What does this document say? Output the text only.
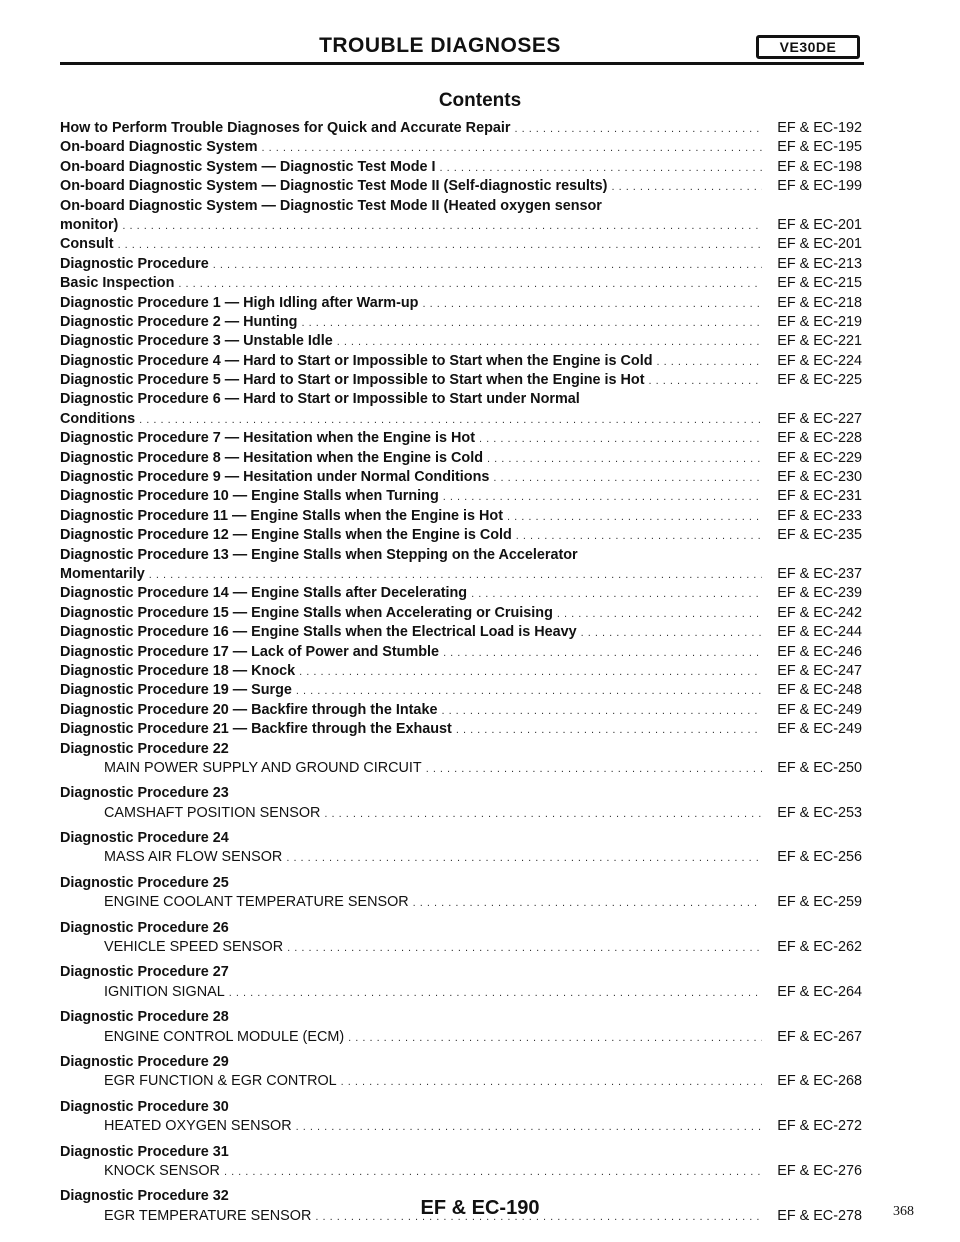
TROUBLE DIAGNOSES	VE30DE
Contents
How to Perform Trouble Diagnoses for Quick and Accurate Repair . . .	EF & EC-192
On-board Diagnostic System . . .	EF & EC-195
On-board Diagnostic System — Diagnostic Test Mode I . . .	EF & EC-198
On-board Diagnostic System — Diagnostic Test Mode II (Self-diagnostic results) . . .	EF & EC-199
On-board Diagnostic System — Diagnostic Test Mode II (Heated oxygen sensor
monitor) . . .	EF & EC-201
Consult . . .	EF & EC-201
Diagnostic Procedure . . .	EF & EC-213
Basic Inspection . . .	EF & EC-215
Diagnostic Procedure 1 — High Idling after Warm-up . . .	EF & EC-218
Diagnostic Procedure 2 — Hunting . . .	EF & EC-219
Diagnostic Procedure 3 — Unstable Idle . . .	EF & EC-221
Diagnostic Procedure 4 — Hard to Start or Impossible to Start when the Engine is Cold . . .	EF & EC-224
Diagnostic Procedure 5 — Hard to Start or Impossible to Start when the Engine is Hot . . .	EF & EC-225
Diagnostic Procedure 6 — Hard to Start or Impossible to Start under Normal
Conditions . . .	EF & EC-227
Diagnostic Procedure 7 — Hesitation when the Engine is Hot . . .	EF & EC-228
Diagnostic Procedure 8 — Hesitation when the Engine is Cold . . .	EF & EC-229
Diagnostic Procedure 9 — Hesitation under Normal Conditions . . .	EF & EC-230
Diagnostic Procedure 10 — Engine Stalls when Turning . . .	EF & EC-231
Diagnostic Procedure 11 — Engine Stalls when the Engine is Hot . . .	EF & EC-233
Diagnostic Procedure 12 — Engine Stalls when the Engine is Cold . . .	EF & EC-235
Diagnostic Procedure 13 — Engine Stalls when Stepping on the Accelerator
Momentarily . . .	EF & EC-237
Diagnostic Procedure 14 — Engine Stalls after Decelerating . . .	EF & EC-239
Diagnostic Procedure 15 — Engine Stalls when Accelerating or Cruising . . .	EF & EC-242
Diagnostic Procedure 16 — Engine Stalls when the Electrical Load is Heavy . . .	EF & EC-244
Diagnostic Procedure 17 — Lack of Power and Stumble . . .	EF & EC-246
Diagnostic Procedure 18 — Knock . . .	EF & EC-247
Diagnostic Procedure 19 — Surge . . .	EF & EC-248
Diagnostic Procedure 20 — Backfire through the Intake . . .	EF & EC-249
Diagnostic Procedure 21 — Backfire through the Exhaust . . .	EF & EC-249
Diagnostic Procedure 22
MAIN POWER SUPPLY AND GROUND CIRCUIT . . .	EF & EC-250
Diagnostic Procedure 23
CAMSHAFT POSITION SENSOR . . .	EF & EC-253
Diagnostic Procedure 24
MASS AIR FLOW SENSOR . . .	EF & EC-256
Diagnostic Procedure 25
ENGINE COOLANT TEMPERATURE SENSOR . . .	EF & EC-259
Diagnostic Procedure 26
VEHICLE SPEED SENSOR . . .	EF & EC-262
Diagnostic Procedure 27
IGNITION SIGNAL . . .	EF & EC-264
Diagnostic Procedure 28
ENGINE CONTROL MODULE (ECM) . . .	EF & EC-267
Diagnostic Procedure 29
EGR FUNCTION & EGR CONTROL . . .	EF & EC-268
Diagnostic Procedure 30
HEATED OXYGEN SENSOR . . .	EF & EC-272
Diagnostic Procedure 31
KNOCK SENSOR . . .	EF & EC-276
Diagnostic Procedure 32
EGR TEMPERATURE SENSOR . . .	EF & EC-278
EF & EC-190	368
